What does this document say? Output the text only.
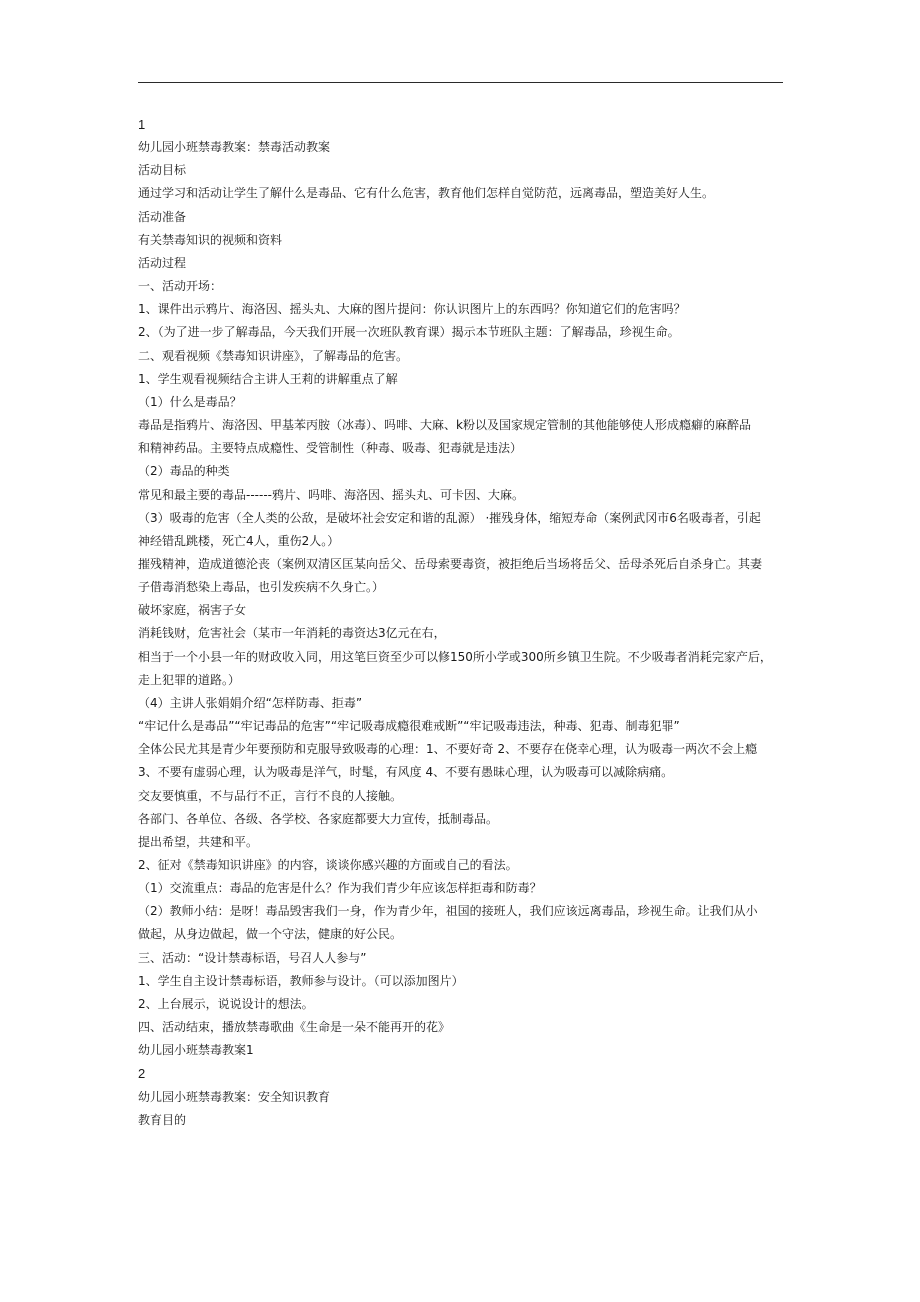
1

幼儿园小班禁毒教案：禁毒活动教案

活动目标

通过学习和活动让学生了解什么是毒品、它有什么危害，教育他们怎样自觉防范，远离毒品，塑造美好人生。

活动准备

有关禁毒知识的视频和资料

活动过程

一、活动开场：

1、课件出示鸦片、海洛因、摇头丸、大麻的图片提问：你认识图片上的东西吗？你知道它们的危害吗？

2、（为了进一步了解毒品，今天我们开展一次班队教育课）揭示本节班队主题：了解毒品，珍视生命。

二、观看视频《禁毒知识讲座》，了解毒品的危害。

1、学生观看视频结合主讲人王莉的讲解重点了解

（1）什么是毒品？

毒品是指鸦片、海洛因、甲基苯丙胺（冰毒）、吗啡、大麻、k粉以及国家规定管制的其他能够使人形成瘾癖的麻醉品

和精神药品。主要特点成瘾性、受管制性（种毒、吸毒、犯毒就是违法）

（2）毒品的种类

常见和最主要的毒品------鸦片、吗啡、海洛因、摇头丸、可卡因、大麻。

（3）吸毒的危害（全人类的公敌，是破坏社会安定和谐的乱源） ·摧残身体，缩短寿命（案例武冈市6名吸毒者，引起

神经错乱跳楼，死亡4人，重伤2人。）

摧残精神，造成道德沦丧（案例双清区匡某向岳父、岳母索要毒资，被拒绝后当场将岳父、岳母杀死后自杀身亡。其妻

子借毒消愁染上毒品，也引发疾病不久身亡。）

破坏家庭，祸害子女

消耗钱财，危害社会（某市一年消耗的毒资达3亿元在右，

相当于一个小县一年的财政收入同，用这笔巨资至少可以修150所小学或300所乡镇卫生院。不少吸毒者消耗完家产后，

走上犯罪的道路。）

（4）主讲人张娟娟介绍“怎样防毒、拒毒”

“牢记什么是毒品”“牢记毒品的危害”“牢记吸毒成瘾很难戒断”“牢记吸毒违法，种毒、犯毒、制毒犯罪”

全体公民尤其是青少年要预防和克服导致吸毒的心理：1、不要好奇 2、不要存在侥幸心理，认为吸毒一两次不会上瘾

3、不要有虚弱心理，认为吸毒是洋气，时髦，有风度 4、不要有愚昧心理，认为吸毒可以减除病痛。

交友要慎重，不与品行不正，言行不良的人接触。

各部门、各单位、各级、各学校、各家庭都要大力宣传，抵制毒品。

提出希望，共建和平。

2、征对《禁毒知识讲座》的内容，谈谈你感兴趣的方面或自己的看法。

（1）交流重点：毒品的危害是什么？作为我们青少年应该怎样拒毒和防毒？

（2）教师小结：是呀！毒品毁害我们一身，作为青少年，祖国的接班人，我们应该远离毒品，珍视生命。让我们从小

做起，从身边做起，做一个守法，健康的好公民。

三、活动：“设计禁毒标语，号召人人参与”

1、学生自主设计禁毒标语，教师参与设计。（可以添加图片）

2、上台展示，说说设计的想法。

四、活动结束，播放禁毒歌曲《生命是一朵不能再开的花》

幼儿园小班禁毒教案1

2

幼儿园小班禁毒教案：安全知识教育

教育目的
